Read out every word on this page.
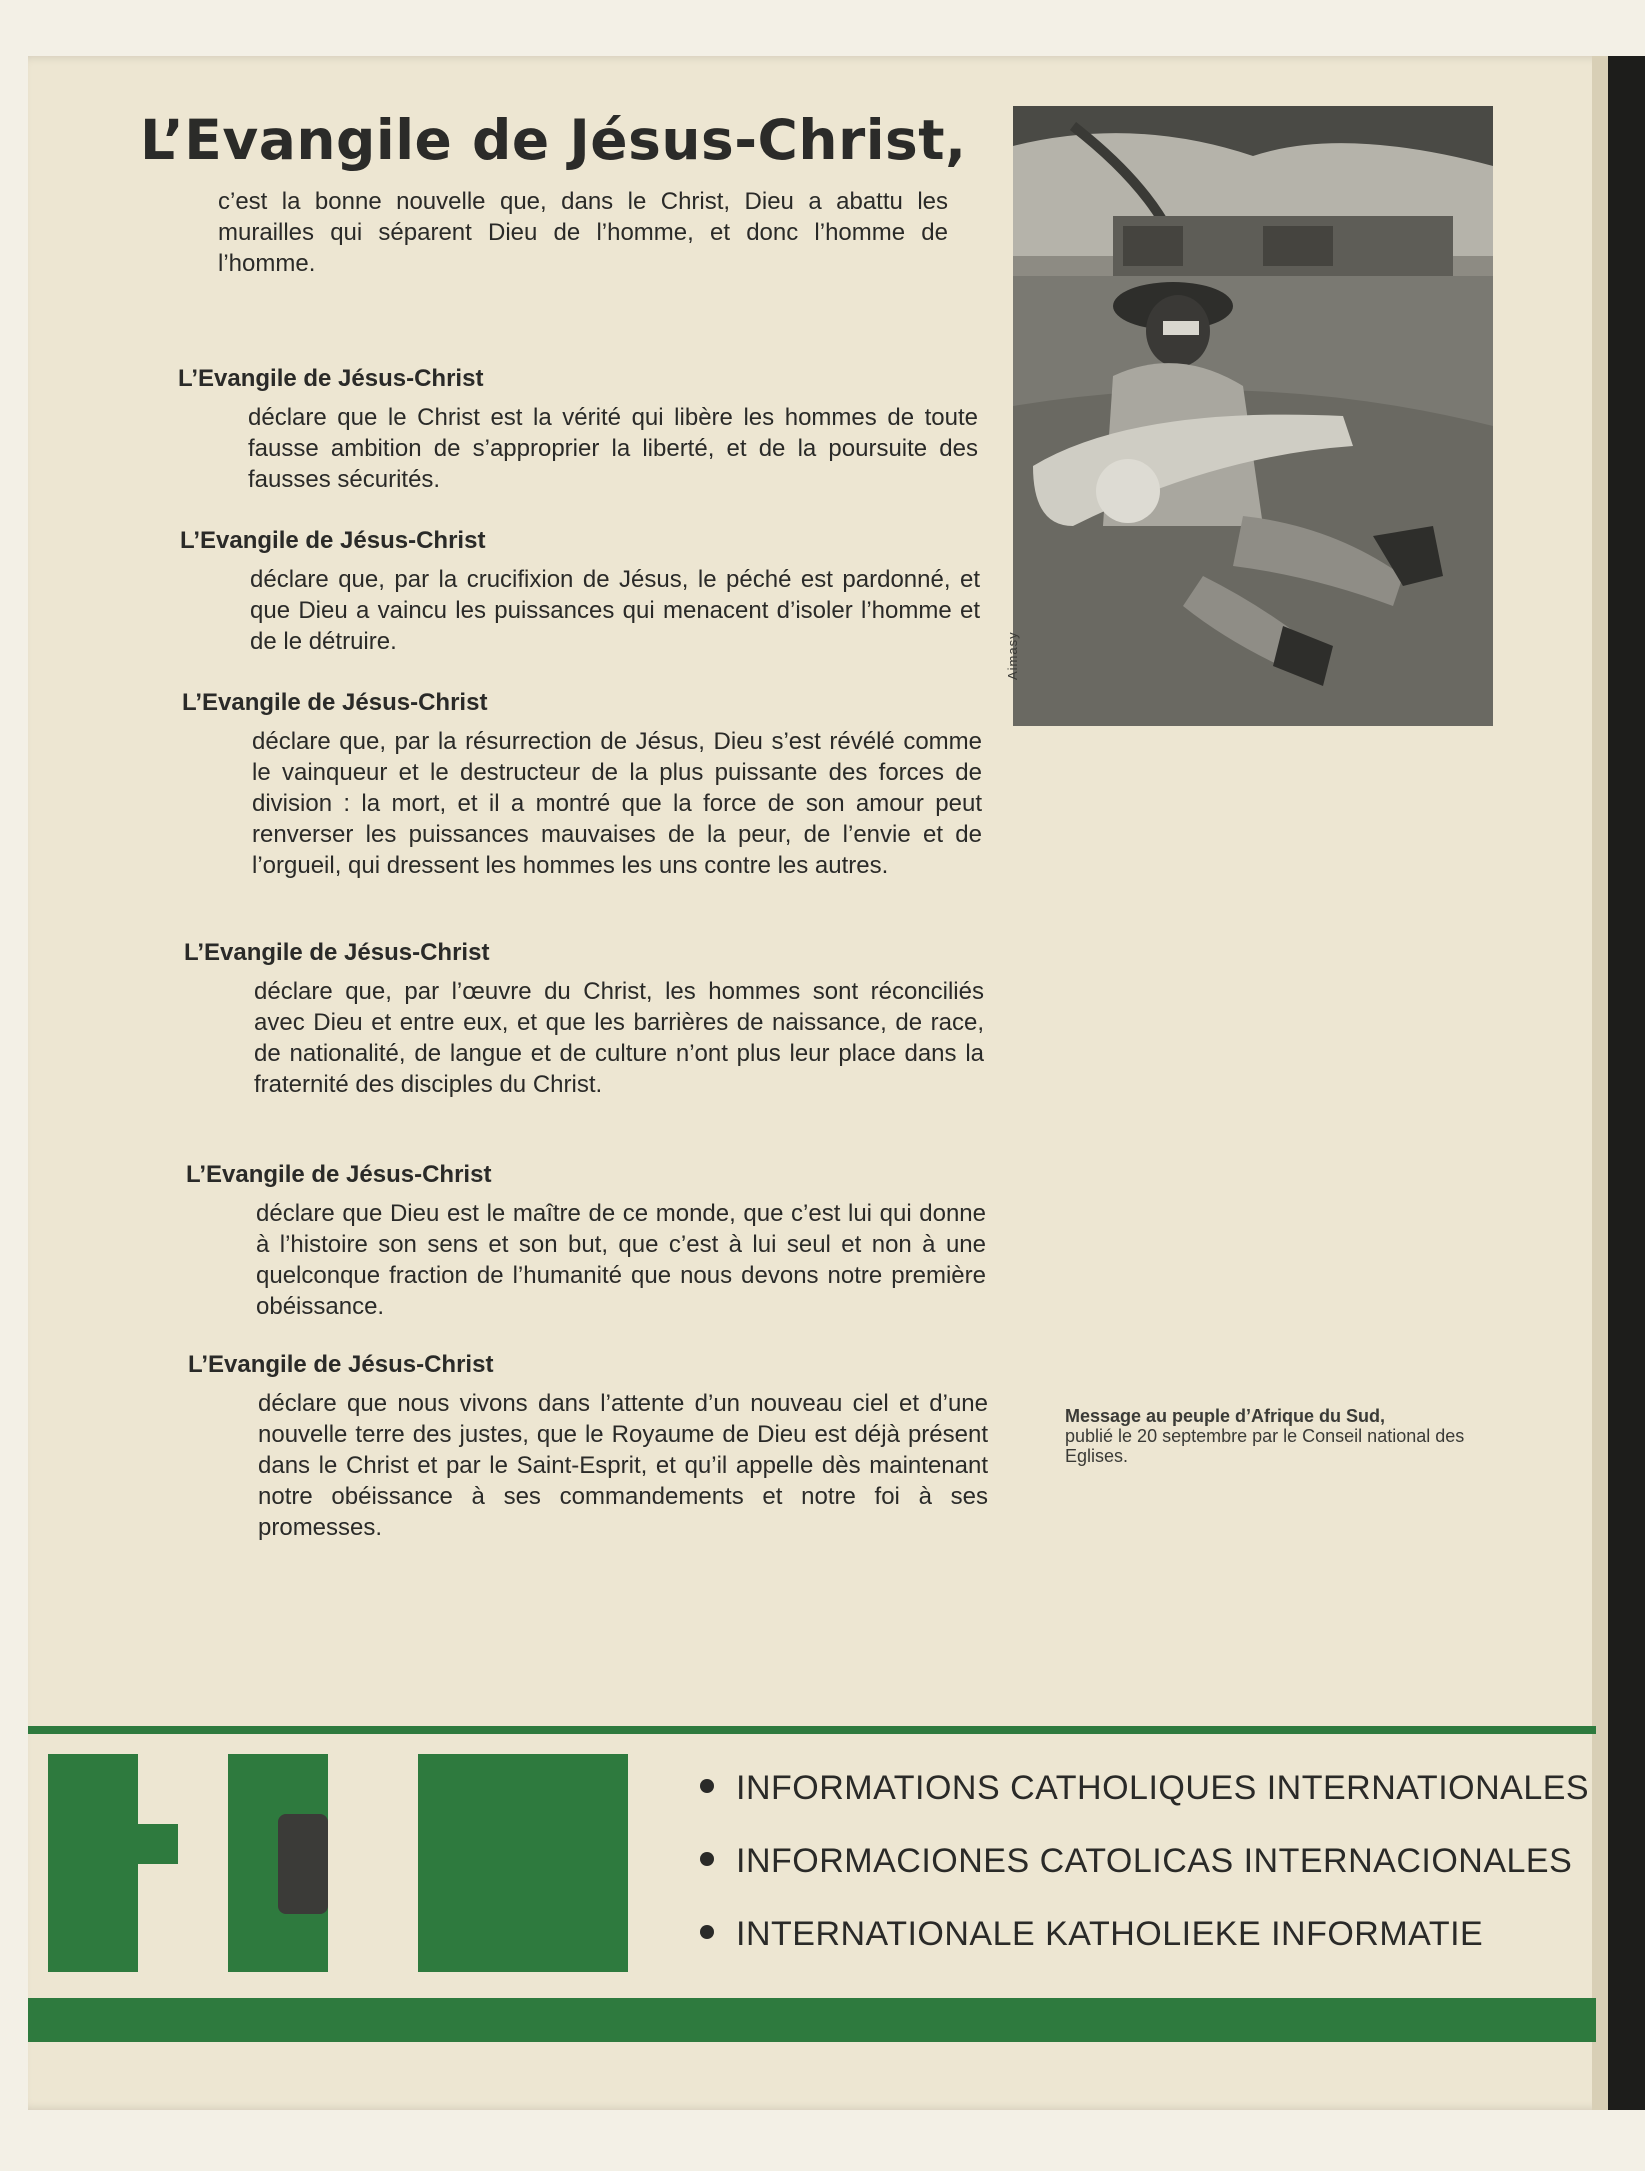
L’Evangile de Jésus-Christ,

c’est la bonne nouvelle que, dans le Christ, Dieu a abattu les murailles qui séparent Dieu de l’homme, et donc l’homme de l’homme.

L’Evangile de Jésus-Christ

déclare que le Christ est la vérité qui libère les hommes de toute fausse ambition de s’approprier la liberté, et de la poursuite des fausses sécurités.

L’Evangile de Jésus-Christ

déclare que, par la crucifixion de Jésus, le péché est pardonné, et que Dieu a vaincu les puissances qui menacent d’isoler l’homme et de le détruire.

L’Evangile de Jésus-Christ

déclare que, par la résurrection de Jésus, Dieu s’est révélé comme le vainqueur et le destructeur de la plus puissante des forces de division : la mort, et il a montré que la force de son amour peut renverser les puissances mauvaises de la peur, de l’envie et de l’orgueil, qui dressent les hommes les uns contre les autres.

L’Evangile de Jésus-Christ

déclare que, par l’œuvre du Christ, les hommes sont réconciliés avec Dieu et entre eux, et que les barrières de naissance, de race, de nationalité, de langue et de culture n’ont plus leur place dans la fraternité des disciples du Christ.

L’Evangile de Jésus-Christ

déclare que Dieu est le maître de ce monde, que c’est lui qui donne à l’histoire son sens et son but, que c’est à lui seul et non à une quelconque fraction de l’humanité que nous devons notre première obéissance.

L’Evangile de Jésus-Christ

déclare que nous vivons dans l’attente d’un nouveau ciel et d’une nouvelle terre des justes, que le Royaume de Dieu est déjà présent dans le Christ et par le Saint-Esprit, et qu’il appelle dès maintenant notre obéissance à ses commandements et notre foi à ses promesses.

Aimasy
Message au peuple d’Afrique du Sud,
publié le 20 septembre par le Conseil national des Eglises.
INFORMATIONS CATHOLIQUES INTERNATIONALES
INFORMACIONES CATOLICAS INTERNACIONALES
INTERNATIONALE KATHOLIEKE INFORMATIE
